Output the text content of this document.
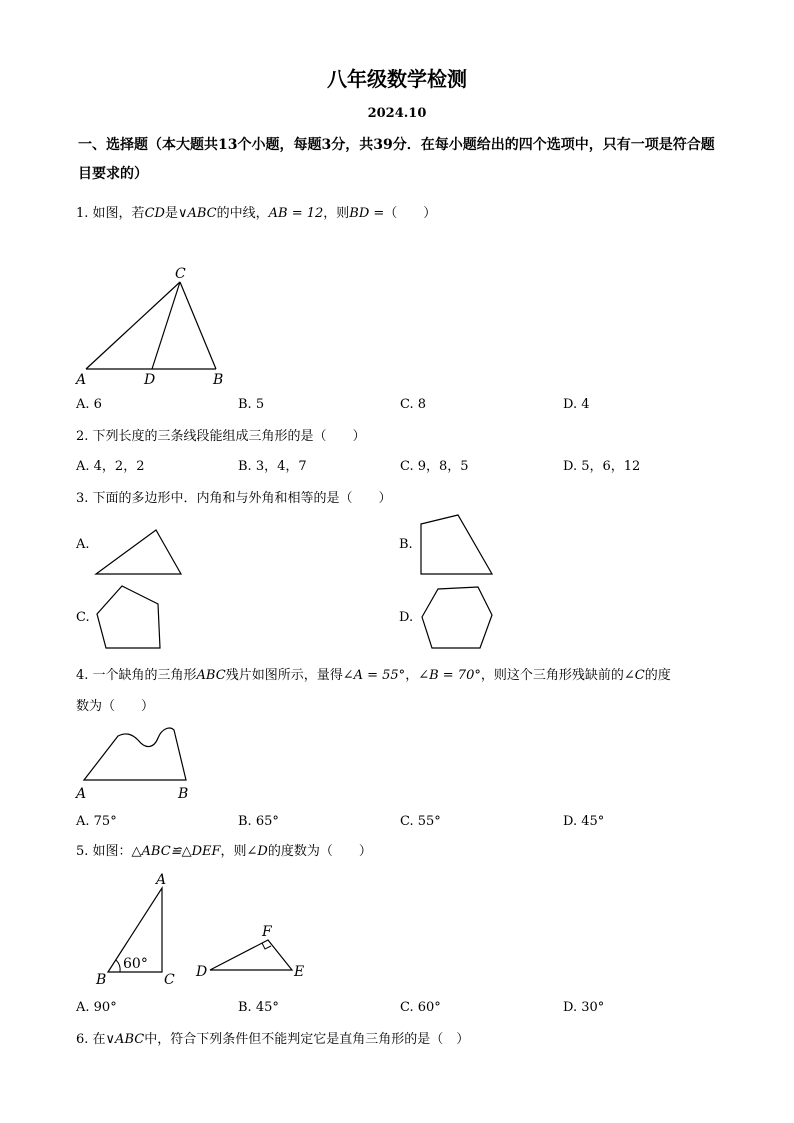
八年级数学检测
2024.10
一、选择题（本大题共13个小题，每题3分，共39分．在每小题给出的四个选项中，只有一项是符合题目要求的）
1. 如图，若CD是∨ABC的中线，AB = 12，则BD =（　　）
C
A	D	B
A. 6	B. 5	C. 8	D. 4
2. 下列长度的三条线段能组成三角形的是（　　）
A. 4，2，2	B. 3，4，7	C. 9，8，5	D. 5，6，12
3. 下面的多边形中．内角和与外角和相等的是（　　）
A.	B.
C.	D.
4. 一个缺角的三角形ABC残片如图所示，量得∠A = 55°，∠B = 70°，则这个三角形残缺前的∠C的度
数为（　　）
A	B
A. 75°	B. 65°	C. 55°	D. 45°
5. 如图：△ABC≌△DEF，则∠D的度数为（　　）
A
B	C
60°	D	E
F
A. 90°	B. 45°	C. 60°	D. 30°
6. 在∨ABC中，符合下列条件但不能判定它是直角三角形的是（　）
